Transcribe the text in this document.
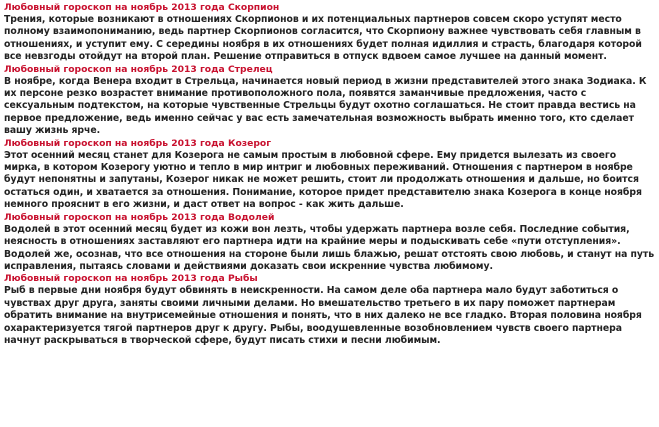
Любовный гороскоп на ноябрь 2013 года Скорпион
Трения, которые возникают в отношениях Скорпионов и их потенциальных партнеров совсем скоро уступят место полному взаимопониманию, ведь партнер Скорпионов согласится, что Скорпиону важнее чувствовать себя главным в отношениях, и уступит ему. С середины ноября в их отношениях будет полная идиллия и страсть, благодаря которой все невзгоды отойдут на второй план. Решение отправиться в отпуск вдвоем самое лучшее на данный момент.
Любовный гороскоп на ноябрь 2013 года Стрелец
В ноябре, когда Венера входит в Стрельца, начинается новый период в жизни представителей этого знака Зодиака. К их персоне резко возрастет внимание противоположного пола, появятся заманчивые предложения, часто с сексуальным подтекстом, на которые чувственные Стрельцы будут охотно соглашаться. Не стоит правда вестись на первое предложение, ведь именно сейчас у вас есть замечательная возможность выбрать именно того, кто сделает вашу жизнь ярче.
Любовный гороскоп на ноябрь 2013 года Козерог
Этот осенний месяц станет для Козерога не самым простым в любовной сфере. Ему придется вылезать из своего мирка, в котором Козерогу уютно и тепло в мир интриг и любовных переживаний. Отношения с партнером в ноябре будут непонятны и запутаны, Козерог никак не может решить, стоит ли продолжать отношения и дальше, но боится остаться один, и хватается за отношения. Понимание, которое придет представителю знака Козерога в конце ноября немного прояснит в его жизни, и даст ответ на вопрос - как жить дальше.
Любовный гороскоп на ноябрь 2013 года Водолей
Водолей в этот осенний месяц будет из кожи вон лезть, чтобы удержать партнера возле себя. Последние события, неясность в отношениях заставляют его партнера идти на крайние меры и подыскивать себе «пути отступления». Водолей же, осознав, что все отношения на стороне были лишь блажью, решат отстоять свою любовь, и станут на путь исправления, пытаясь словами и действиями доказать свои искренние чувства любимому.
Любовный гороскоп на ноябрь 2013 года Рыбы
Рыб в первые дни ноября будут обвинять в неискренности. На самом деле оба партнера мало будут заботиться о чувствах друг друга, заняты своими личными делами. Но вмешательство третьего в их пару поможет партнерам обратить внимание на внутрисемейные отношения и понять, что в них далеко не все гладко. Вторая половина ноября охарактеризуется тягой партнеров друг к другу. Рыбы, воодушевленные возобновлением чувств своего партнера начнут раскрываться в творческой сфере, будут писать стихи и песни любимым.
